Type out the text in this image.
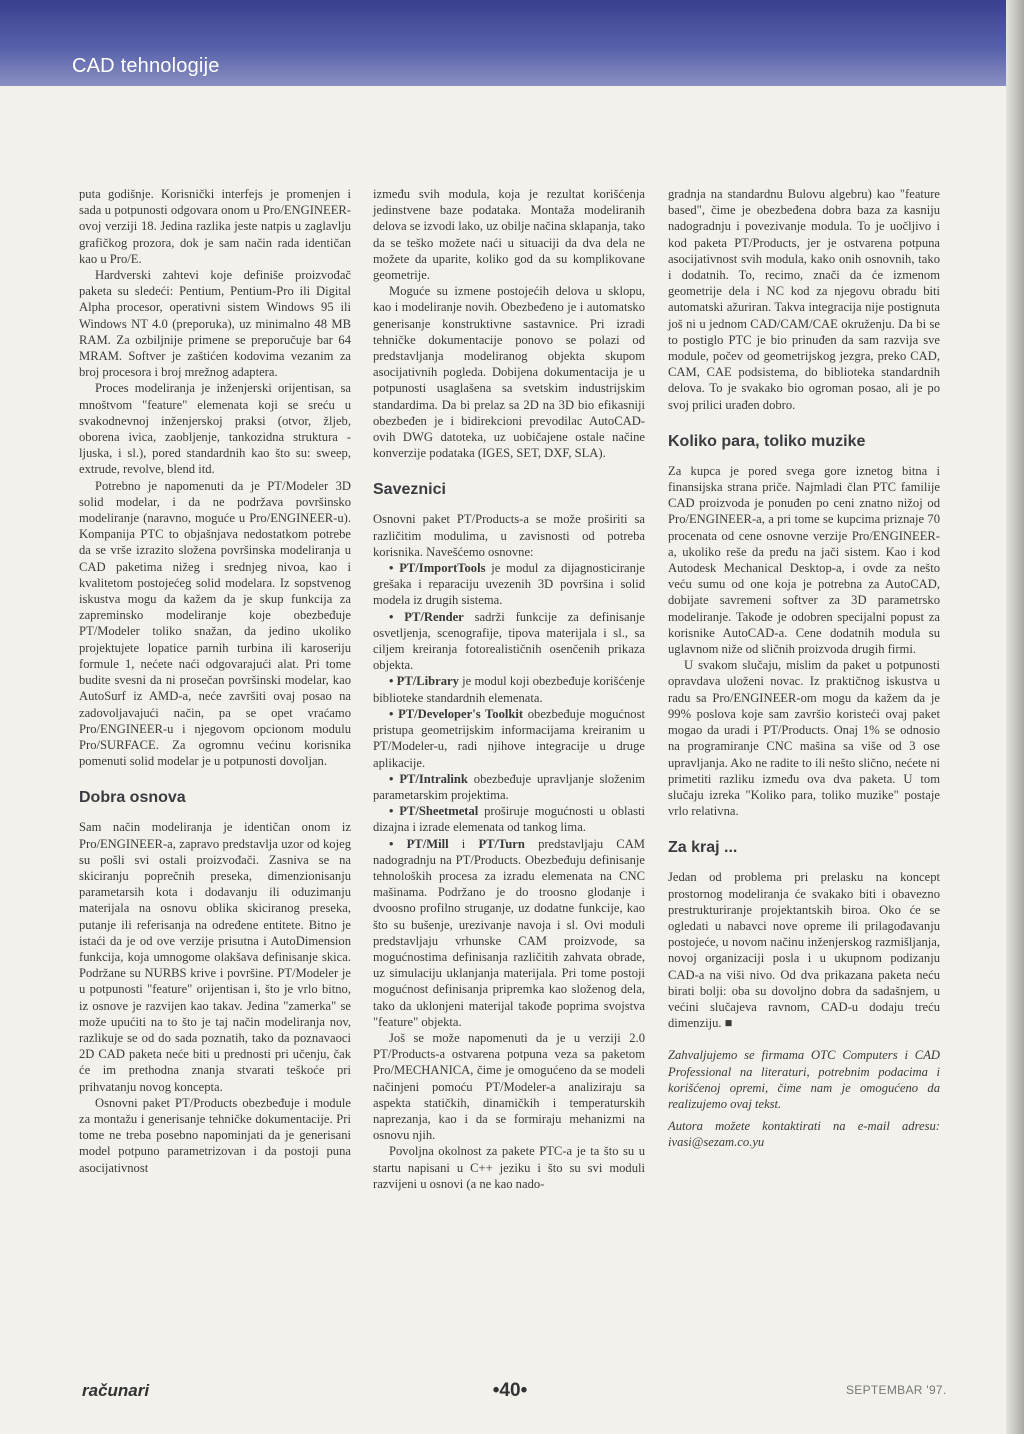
CAD tehnologije

puta godišnje. Korisnički interfejs je promenjen i sada u potpunosti odgovara onom u Pro/ENGINEER-ovoj verziji 18. Jedina razlika jeste natpis u zaglavlju grafičkog prozora, dok je sam način rada identičan kao u Pro/E.

Hardverski zahtevi koje definiše proizvođač paketa su sledeći: Pentium, Pentium-Pro ili Digital Alpha procesor, operativni sistem Windows 95 ili Windows NT 4.0 (preporuka), uz minimalno 48 MB RAM. Za ozbiljnije primene se preporučuje bar 64 MRAM. Softver je zaštićen kodovima vezanim za broj procesora i broj mrežnog adaptera.

Proces modeliranja je inženjerski orijentisan, sa mnoštvom "feature" elemenata koji se sreću u svakodnevnoj inženjerskoj praksi (otvor, žljeb, oborena ivica, zaobljenje, tankozidna struktura - ljuska, i sl.), pored standardnih kao što su: sweep, extrude, revolve, blend itd.

Potrebno je napomenuti da je PT/Modeler 3D solid modelar, i da ne podržava površinsko modeliranje (naravno, moguće u Pro/ENGINEER-u). Kompanija PTC to objašnjava nedostatkom potrebe da se vrše izrazito složena površinska modeliranja u CAD paketima nižeg i srednjeg nivoa, kao i kvalitetom postojećeg solid modelara. Iz sopstvenog iskustva mogu da kažem da je skup funkcija za zapreminsko modeliranje koje obezbeđuje PT/Modeler toliko snažan, da jedino ukoliko projektujete lopatice parnih turbina ili karoseriju formule 1, nećete naći odgovarajući alat. Pri tome budite svesni da ni prosečan površinski modelar, kao AutoSurf iz AMD-a, neće završiti ovaj posao na zadovoljavajući način, pa se opet vraćamo Pro/ENGINEER-u i njegovom opcionom modulu Pro/SURFACE. Za ogromnu većinu korisnika pomenuti solid modelar je u potpunosti dovoljan.

Dobra osnova

Sam način modeliranja je identičan onom iz Pro/ENGINEER-a, zapravo predstavlja uzor od kojeg su pošli svi ostali proizvođači. Zasniva se na skiciranju poprečnih preseka, dimenzionisanju parametarsih kota i dodavanju ili oduzimanju materijala na osnovu oblika skiciranog preseka, putanje ili referisanja na određene entitete. Bitno je istaći da je od ove verzije prisutna i AutoDimension funkcija, koja umnogome olakšava definisanje skica. Podržane su NURBS krive i površine. PT/Modeler je u potpunosti "feature" orijentisan i, što je vrlo bitno, iz osnove je razvijen kao takav. Jedina "zamerka" se može upućiti na to što je taj način modeliranja nov, razlikuje se od do sada poznatih, tako da poznavaoci 2D CAD paketa neće biti u prednosti pri učenju, čak će im prethodna znanja stvarati teškoće pri prihvatanju novog koncepta.

Osnovni paket PT/Products obezbeđuje i module za montažu i generisanje tehničke dokumentacije. Pri tome ne treba posebno napominjati da je generisani model potpuno parametrizovan i da postoji puna asocijativnost

između svih modula, koja je rezultat korišćenja jedinstvene baze podataka. Montaža modeliranih delova se izvodi lako, uz obilje načina sklapanja, tako da se teško možete naći u situaciji da dva dela ne možete da uparite, koliko god da su komplikovane geometrije.

Moguće su izmene postojećih delova u sklopu, kao i modeliranje novih. Obezbeđeno je i automatsko generisanje konstruktivne sastavnice. Pri izradi tehničke dokumentacije ponovo se polazi od predstavljanja modeliranog objekta skupom asocijativnih pogleda. Dobijena dokumentacija je u potpunosti usaglašena sa svetskim industrijskim standardima. Da bi prelaz sa 2D na 3D bio efikasniji obezbeđen je i bidirekcioni prevodilac AutoCAD-ovih DWG datoteka, uz uobičajene ostale načine konverzije podataka (IGES, SET, DXF, SLA).

Saveznici

Osnovni paket PT/Products-a se može proširiti sa različitim modulima, u zavisnosti od potreba korisnika. Navešćemo osnovne:

• PT/ImportTools je modul za dijagnosticiranje grešaka i reparaciju uvezenih 3D površina i solid modela iz drugih sistema.

• PT/Render sadrži funkcije za definisanje osvetljenja, scenografije, tipova materijala i sl., sa ciljem kreiranja fotorealističnih osenčenih prikaza objekta.

• PT/Library je modul koji obezbeđuje korišćenje biblioteke standardnih elemenata.

• PT/Developer's Toolkit obezbeđuje mogućnost pristupa geometrijskim informacijama kreiranim u PT/Modeler-u, radi njihove integracije u druge aplikacije.

• PT/Intralink obezbeđuje upravljanje složenim parametarskim projektima.

• PT/Sheetmetal proširuje mogućnosti u oblasti dizajna i izrade elemenata od tankog lima.

• PT/Mill i PT/Turn predstavljaju CAM nadogradnju na PT/Products. Obezbeđuju definisanje tehnoloških procesa za izradu elemenata na CNC mašinama. Podržano je do troosno glodanje i dvoosno profilno struganje, uz dodatne funkcije, kao što su bušenje, urezivanje navoja i sl. Ovi moduli predstavljaju vrhunske CAM proizvode, sa mogućnostima definisanja različitih zahvata obrade, uz simulaciju uklanjanja materijala. Pri tome postoji mogućnost definisanja pripremka kao složenog dela, tako da uklonjeni materijal takođe poprima svojstva "feature" objekta.

Još se može napomenuti da je u verziji 2.0 PT/Products-a ostvarena potpuna veza sa paketom Pro/MECHANICA, čime je omogućeno da se modeli načinjeni pomoću PT/Modeler-a analiziraju sa aspekta statičkih, dinamičkih i temperaturskih naprezanja, kao i da se formiraju mehanizmi na osnovu njih.

Povoljna okolnost za pakete PTC-a je ta što su u startu napisani u C++ jeziku i što su svi moduli razvijeni u osnovi (a ne kao nado-

gradnja na standardnu Bulovu algebru) kao "feature based", čime je obezbeđena dobra baza za kasniju nadogradnju i povezivanje modula. To je uočljivo i kod paketa PT/Products, jer je ostvarena potpuna asocijativnost svih modula, kako onih osnovnih, tako i dodatnih. To, recimo, znači da će izmenom geometrije dela i NC kod za njegovu obradu biti automatski ažuriran. Takva integracija nije postignuta još ni u jednom CAD/CAM/CAE okruženju. Da bi se to postiglo PTC je bio prinuđen da sam razvija sve module, počev od geometrijskog jezgra, preko CAD, CAM, CAE podsistema, do biblioteka standardnih delova. To je svakako bio ogroman posao, ali je po svoj prilici urađen dobro.

Koliko para, toliko muzike

Za kupca je pored svega gore iznetog bitna i finansijska strana priče. Najmladi član PTC familije CAD proizvoda je ponuđen po ceni znatno nižoj od Pro/ENGINEER-a, a pri tome se kupcima priznaje 70 procenata od cene osnovne verzije Pro/ENGINEER-a, ukoliko reše da pređu na jači sistem. Kao i kod Autodesk Mechanical Desktop-a, i ovde za nešto veću sumu od one koja je potrebna za AutoCAD, dobijate savremeni softver za 3D parametrsko modeliranje. Takođe je odobren specijalni popust za korisnike AutoCAD-a. Cene dodatnih modula su uglavnom niže od sličnih proizvoda drugih firmi.

U svakom slučaju, mislim da paket u potpunosti opravdava uloženi novac. Iz praktičnog iskustva u radu sa Pro/ENGINEER-om mogu da kažem da je 99% poslova koje sam završio koristeći ovaj paket mogao da uradi i PT/Products. Onaj 1% se odnosio na programiranje CNC mašina sa više od 3 ose upravljanja. Ako ne radite to ili nešto slično, nećete ni primetiti razliku između ova dva paketa. U tom slučaju izreka "Koliko para, toliko muzike" postaje vrlo relativna.

Za kraj ...

Jedan od problema pri prelasku na koncept prostornog modeliranja će svakako biti i obavezno prestrukturiranje projektantskih biroa. Oko će se ogledati u nabavci nove opreme ili prilagođavanju postojeće, u novom načinu inženjerskog razmišljanja, novoj organizaciji posla i u ukupnom podizanju CAD-a na viši nivo. Od dva prikazana paketa neću birati bolji: oba su dovoljno dobra da sadašnjem, u većini slučajeva ravnom, CAD-u dodaju treću dimenziju. ■

Zahvaljujemo se firmama OTC Computers i CAD Professional na literaturi, potrebnim podacima i korišćenoj opremi, čime nam je omogućeno da realizujemo ovaj tekst.

Autora možete kontaktirati na e-mail adresu: ivasi@sezam.co.yu

računari	•40•	SEPTEMBAR '97.
